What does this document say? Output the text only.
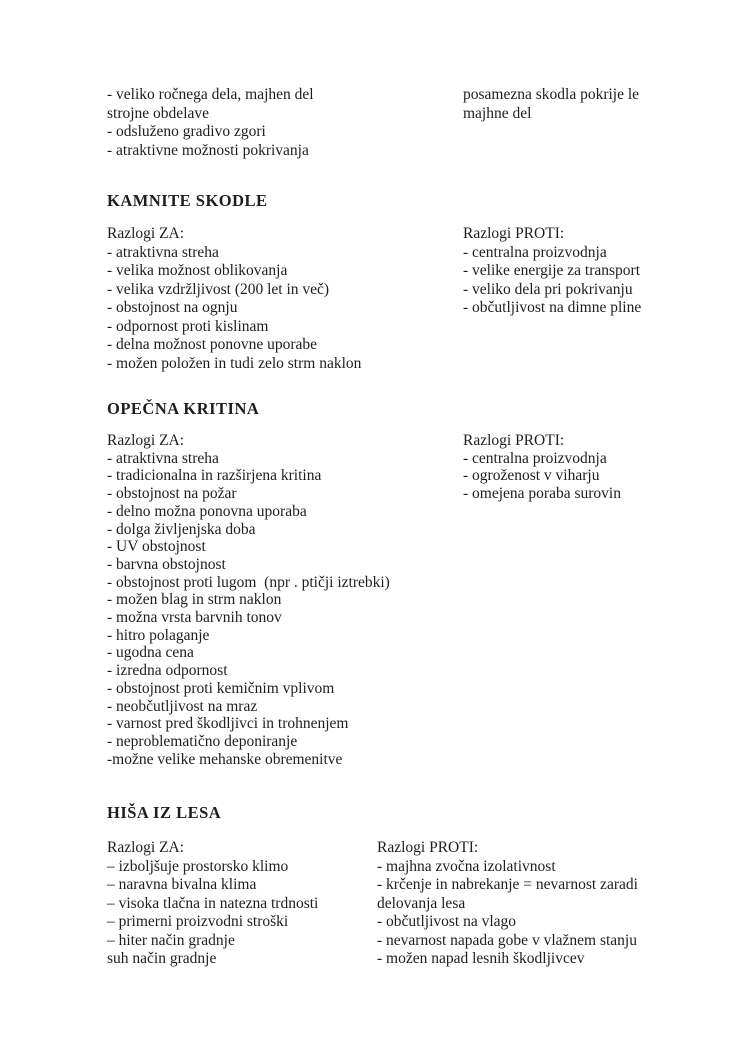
- veliko ročnega dela, majhen del
strojne obdelave
- odsluženo gradivo zgori
- atraktivne možnosti pokrivanja
posamezna skodla pokrije le
majhne del
KAMNITE SKODLE
Razlogi ZA:
- atraktivna streha
- velika možnost oblikovanja
- velika vzdržljivost (200 let in več)
- obstojnost na ognju
- odpornost proti kislinam
- delna možnost ponovne uporabe
- možen položen in tudi zelo strm naklon
Razlogi PROTI:
- centralna proizvodnja
- velike energije za transport
- veliko dela pri pokrivanju
- občutljivost na dimne pline
OPEČNA KRITINA
Razlogi ZA:
- atraktivna streha
- tradicionalna in razširjena kritina
- obstojnost na požar
- delno možna ponovna uporaba
- dolga življenjska doba
- UV obstojnost
- barvna obstojnost
- obstojnost proti lugom  (npr . ptičji iztrebki)
- možen blag in strm naklon
- možna vrsta barvnih tonov
- hitro polaganje
- ugodna cena
- izredna odpornost
- obstojnost proti kemičnim vplivom
- neobčutljivost na mraz
- varnost pred škodljivci in trohnenjem
- neproblematično deponiranje
-možne velike mehanske obremenitve
Razlogi PROTI:
- centralna proizvodnja
- ogroženost v viharju
- omejena poraba surovin
HIŠA IZ LESA
Razlogi ZA:
– izboljšuje prostorsko klimo
– naravna bivalna klima
– visoka tlačna in natezna trdnosti
– primerni proizvodni stroški
– hiter način gradnje
suh način gradnje
Razlogi PROTI:
- majhna zvočna izolativnost
- krčenje in nabrekanje = nevarnost zaradi
delovanja lesa
- občutljivost na vlago
- nevarnost napada gobe v vlažnem stanju
- možen napad lesnih škodljivcev
